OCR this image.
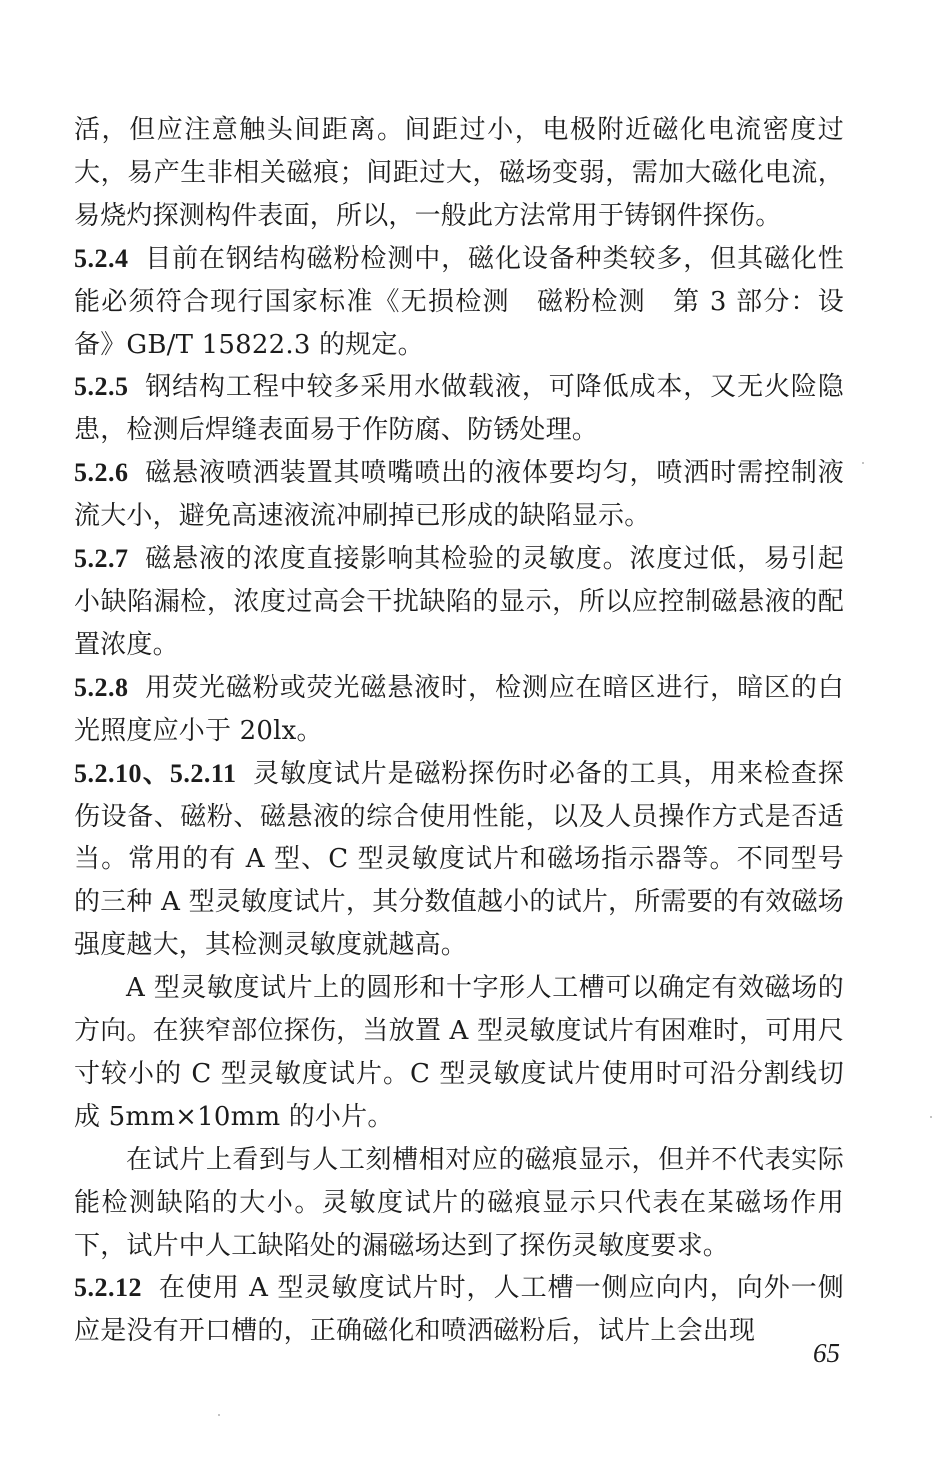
活，但应注意触头间距离。间距过小，电极附近磁化电流密度过大，易产生非相关磁痕；间距过大，磁场变弱，需加大磁化电流，易烧灼探测构件表面，所以，一般此方法常用于铸钢件探伤。

5.2.4 目前在钢结构磁粉检测中，磁化设备种类较多，但其磁化性能必须符合现行国家标准《无损检测　磁粉检测　第 3 部分：设备》GB/T 15822.3 的规定。

5.2.5 钢结构工程中较多采用水做载液，可降低成本，又无火险隐患，检测后焊缝表面易于作防腐、防锈处理。

5.2.6 磁悬液喷洒装置其喷嘴喷出的液体要均匀，喷洒时需控制液流大小，避免高速液流冲刷掉已形成的缺陷显示。

5.2.7 磁悬液的浓度直接影响其检验的灵敏度。浓度过低，易引起小缺陷漏检，浓度过高会干扰缺陷的显示，所以应控制磁悬液的配置浓度。

5.2.8 用荧光磁粉或荧光磁悬液时，检测应在暗区进行，暗区的白光照度应小于 20lx。

5.2.10、5.2.11 灵敏度试片是磁粉探伤时必备的工具，用来检查探伤设备、磁粉、磁悬液的综合使用性能，以及人员操作方式是否适当。常用的有 A 型、C 型灵敏度试片和磁场指示器等。不同型号的三种 A 型灵敏度试片，其分数值越小的试片，所需要的有效磁场强度越大，其检测灵敏度就越高。

A 型灵敏度试片上的圆形和十字形人工槽可以确定有效磁场的方向。在狭窄部位探伤，当放置 A 型灵敏度试片有困难时，可用尺寸较小的 C 型灵敏度试片。C 型灵敏度试片使用时可沿分割线切成 5mm×10mm 的小片。

在试片上看到与人工刻槽相对应的磁痕显示，但并不代表实际能检测缺陷的大小。灵敏度试片的磁痕显示只代表在某磁场作用下，试片中人工缺陷处的漏磁场达到了探伤灵敏度要求。

5.2.12 在使用 A 型灵敏度试片时，人工槽一侧应向内，向外一侧应是没有开口槽的，正确磁化和喷洒磁粉后，试片上会出现

65
